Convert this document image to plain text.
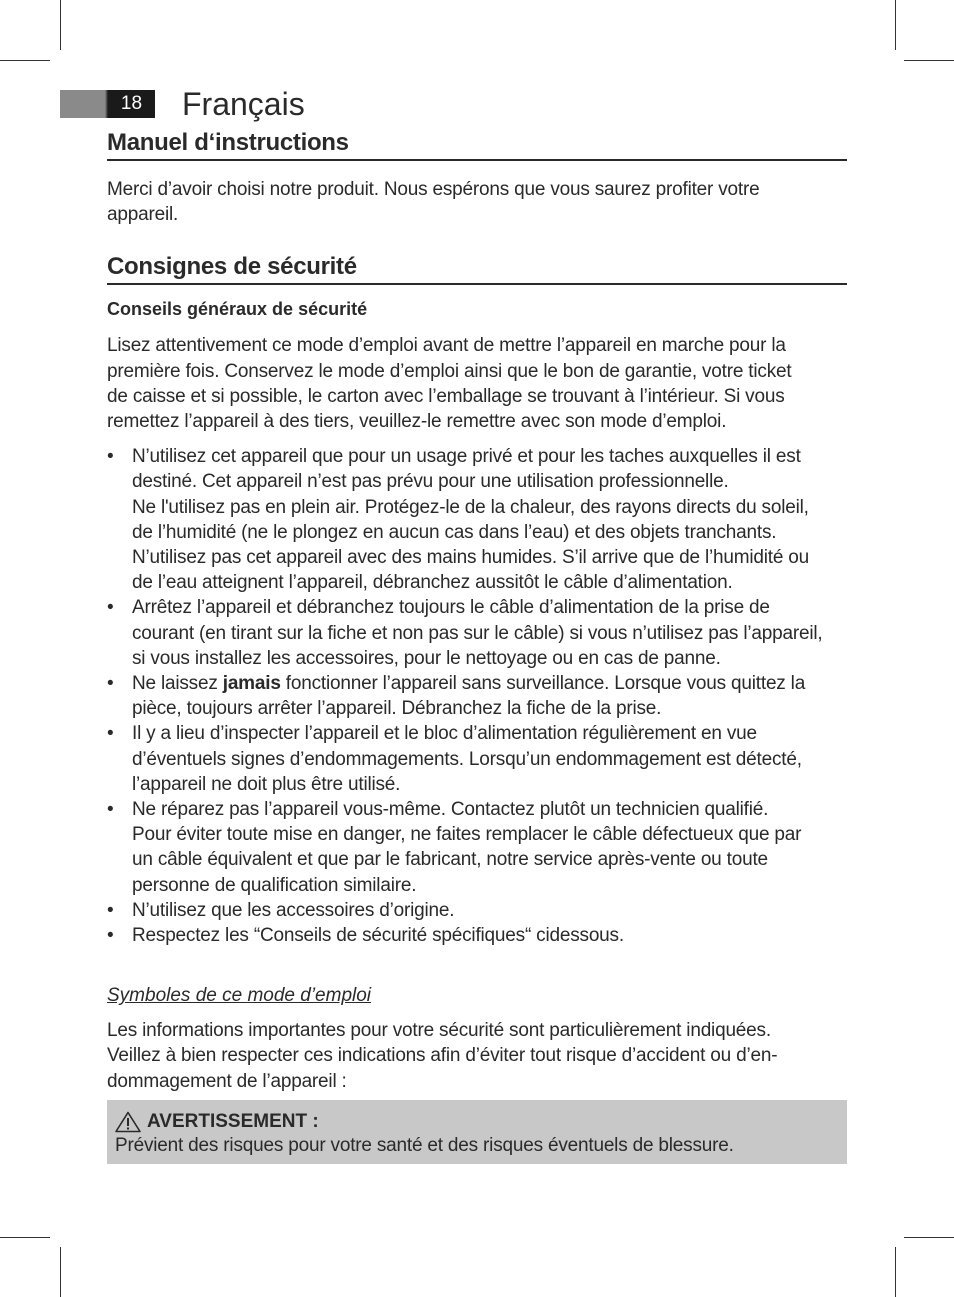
18	Français
Manuel d‘instructions

Merci d’avoir choisi notre produit. Nous espérons que vous saurez profiter votre

appareil.

Consignes de sécurité
Conseils généraux de sécurité

Lisez attentivement ce mode d’emploi avant de mettre l’appareil en marche pour la

première fois. Conservez le mode d’emploi ainsi que le bon de garantie, votre ticket

de caisse et si possible, le carton avec l’emballage se trouvant à l’intérieur. Si vous

remettez l’appareil à des tiers, veuillez-le remettre avec son mode d’emploi.

• N’utilisez cet appareil que pour un usage privé et pour les taches auxquelles il est
destiné. Cet appareil n’est pas prévu pour une utilisation professionnelle.
Ne l'utilisez pas en plein air. Protégez-le de la chaleur, des rayons directs du soleil,
de l’humidité (ne le plongez en aucun cas dans l’eau) et des objets tranchants.
N’utilisez pas cet appareil avec des mains humides. S’il arrive que de l’humidité ou
de l’eau atteignent l’appareil, débranchez aussitôt le câble d’alimentation.
• Arrêtez l’appareil et débranchez toujours le câble d’alimentation de la prise de
courant (en tirant sur la fiche et non pas sur le câble) si vous n’utilisez pas l’appareil,
si vous installez les accessoires, pour le nettoyage ou en cas de panne.
• Ne laissez jamais fonctionner l’appareil sans surveillance. Lorsque vous quittez la
pièce, toujours arrêter l’appareil. Débranchez la fiche de la prise.
• Il y a lieu d’inspecter l’appareil et le bloc d’alimentation régulièrement en vue
d’éventuels signes d’endommagements. Lorsqu’un endommagement est détecté,
l’appareil ne doit plus être utilisé.
• Ne réparez pas l’appareil vous-même. Contactez plutôt un technicien qualifié.
Pour éviter toute mise en danger, ne faites remplacer le câble défectueux que par
un câble équivalent et que par le fabricant, notre service après-vente ou toute
personne de qualification similaire.
• N’utilisez que les accessoires d’origine.
• Respectez les “Conseils de sécurité spécifiques“ cidessous.
Symboles de ce mode d’emploi

Les informations importantes pour votre sécurité sont particulièrement indiquées.

Veillez à bien respecter ces indications afin d’éviter tout risque d’accident ou d’en-

dommagement de l’appareil :

AVERTISSEMENT :
Prévient des risques pour votre santé et des risques éventuels de blessure.
